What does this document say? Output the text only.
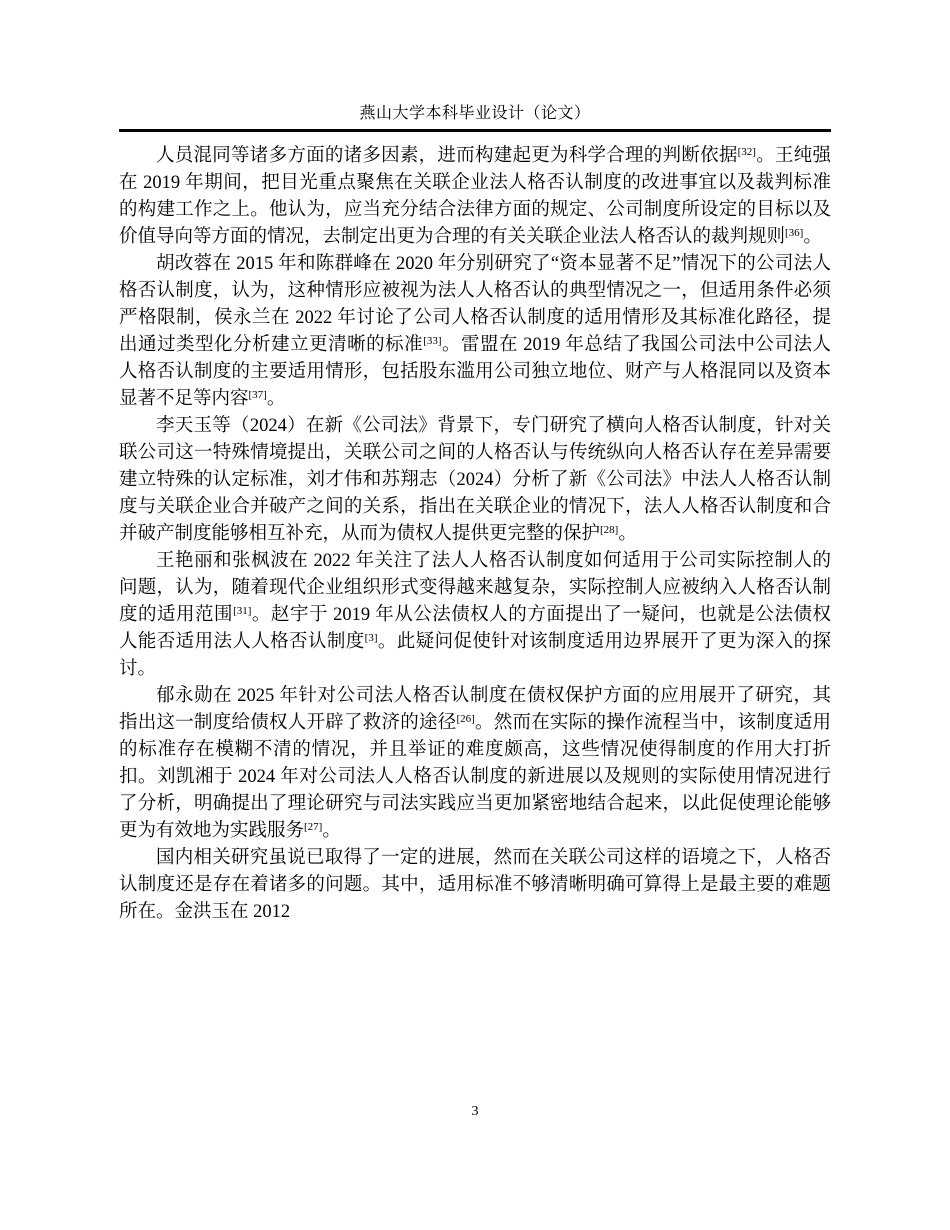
燕山大学本科毕业设计（论文）

人员混同等诸多方面的诸多因素，进而构建起更为科学合理的判断依据[32]。王纯强在 2019 年期间，把目光重点聚焦在关联企业法人格否认制度的改进事宜以及裁判标准的构建工作之上。他认为，应当充分结合法律方面的规定、公司制度所设定的目标以及价值导向等方面的情况，去制定出更为合理的有关关联企业法人格否认的裁判规则[36]。

胡改蓉在 2015 年和陈群峰在 2020 年分别研究了“资本显著不足”情况下的公司法人格否认制度，认为，这种情形应被视为法人人格否认的典型情况之一，但适用条件必须严格限制，侯永兰在 2022 年讨论了公司人格否认制度的适用情形及其标准化路径，提出通过类型化分析建立更清晰的标准[33]。雷盟在 2019 年总结了我国公司法中公司法人人格否认制度的主要适用情形，包括股东滥用公司独立地位、财产与人格混同以及资本显著不足等内容[37]。

李天玉等（2024）在新《公司法》背景下，专门研究了横向人格否认制度，针对关联公司这一特殊情境提出，关联公司之间的人格否认与传统纵向人格否认存在差异需要建立特殊的认定标准，刘才伟和苏翔志（2024）分析了新《公司法》中法人人格否认制度与关联企业合并破产之间的关系，指出在关联企业的情况下，法人人格否认制度和合并破产制度能够相互补充，从而为债权人提供更完整的保护[28]。

王艳丽和张枫波在 2022 年关注了法人人格否认制度如何适用于公司实际控制人的问题，认为，随着现代企业组织形式变得越来越复杂，实际控制人应被纳入人格否认制度的适用范围[31]。赵宇于 2019 年从公法债权人的方面提出了一疑问，也就是公法债权人能否适用法人人格否认制度[3]。此疑问促使针对该制度适用边界展开了更为深入的探讨。

郁永勋在 2025 年针对公司法人格否认制度在债权保护方面的应用展开了研究，其指出这一制度给债权人开辟了救济的途径[26]。然而在实际的操作流程当中，该制度适用的标准存在模糊不清的情况，并且举证的难度颇高，这些情况使得制度的作用大打折扣。刘凯湘于 2024 年对公司法人人格否认制度的新进展以及规则的实际使用情况进行了分析，明确提出了理论研究与司法实践应当更加紧密地结合起来，以此促使理论能够更为有效地为实践服务[27]。

国内相关研究虽说已取得了一定的进展，然而在关联公司这样的语境之下，人格否认制度还是存在着诸多的问题。其中，适用标准不够清晰明确可算得上是最主要的难题所在。金洪玉在 2012

3
